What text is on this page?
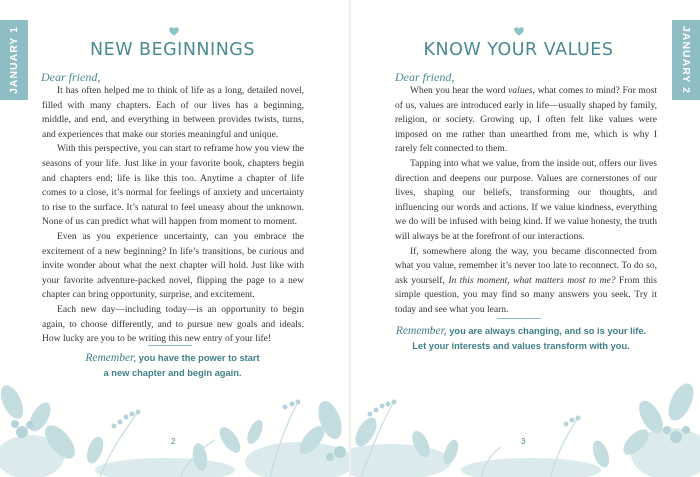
JANUARY 1	NEW BEGINNINGS
Dear friend,

It has often helped me to think of life as a long, detailed novel, filled with many chapters. Each of our lives has a beginning, middle, and end, and everything in between provides twists, turns, and experiences that make our stories meaningful and unique.

With this perspective, you can start to reframe how you view the seasons of your life. Just like in your favorite book, chapters begin and chapters end; life is like this too. Anytime a chapter of life comes to a close, it’s normal for feelings of anxiety and uncertainty to rise to the surface. It’s natural to feel uneasy about the unknown. None of us can predict what will happen from moment to moment.

Even as you experience uncertainty, can you embrace the excitement of a new beginning? In life’s transitions, be curious and invite wonder about what the next chapter will hold. Just like with your favorite adventure-packed novel, flipping the page to a new chapter can bring opportunity, surprise, and excitement.

Each new day—including today—is an opportunity to begin again, to choose differently, and to pursue new goals and ideals. How lucky are you to be writing this new entry of your life!

Remember, you have the power to start
a new chapter and begin again.
2
JANUARY 2
KNOW YOUR VALUES
Dear friend,

When you hear the word values, what comes to mind? For most of us, values are introduced early in life—usually shaped by family, religion, or society. Growing up, I often felt like values were imposed on me rather than unearthed from me, which is why I rarely felt connected to them.

Tapping into what we value, from the inside out, offers our lives direction and deepens our purpose. Values are cornerstones of our lives, shaping our beliefs, transforming our thoughts, and influencing our words and actions. If we value kindness, everything we do will be infused with being kind. If we value honesty, the truth will always be at the forefront of our interactions.

If, somewhere along the way, you became disconnected from what you value, remember it’s never too late to reconnect. To do so, ask yourself, In this moment, what matters most to me? From this simple question, you may find so many answers you seek. Try it today and see what you learn.

Remember, you are always changing, and so is your life.
Let your interests and values transform with you.
3
